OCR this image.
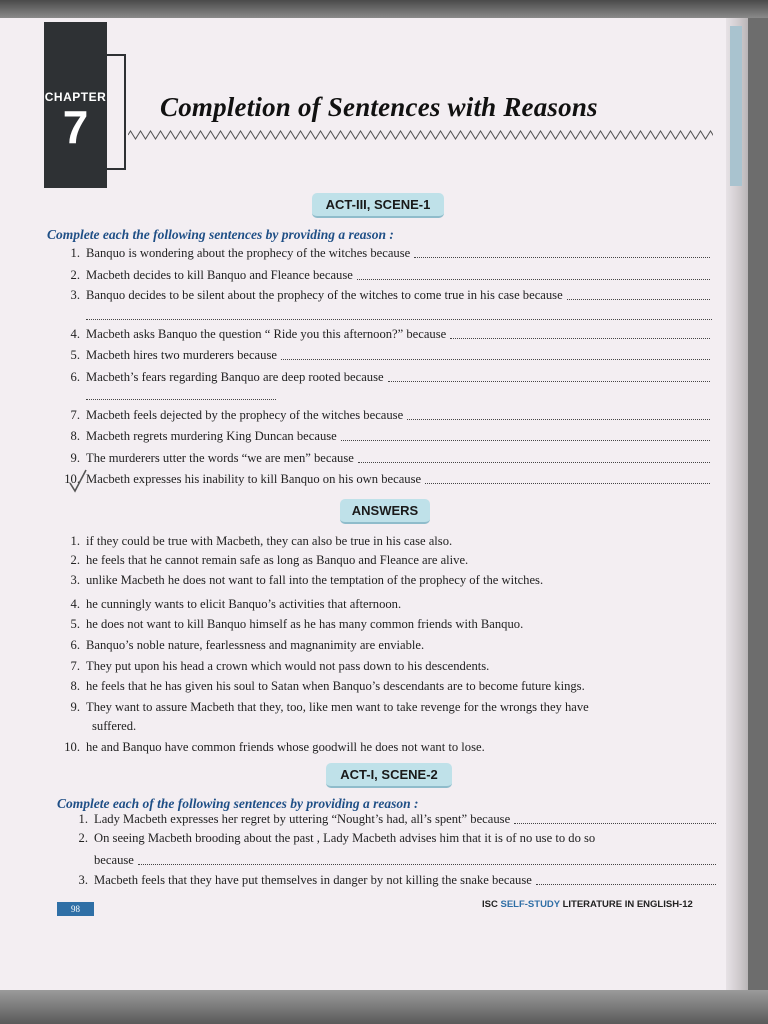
CHAPTER
7	Completion of Sentences with Reasons
ACT-III, SCENE-1
Complete each the following sentences by providing a reason :
1. Banquo is wondering about the prophecy of the witches because
2. Macbeth decides to kill Banquo and Fleance because
3. Banquo decides to be silent about the prophecy of the witches to come true in his case because
4. Macbeth asks Banquo the question “ Ride you this afternoon?” because
5. Macbeth hires two murderers because
6. Macbeth’s fears regarding Banquo are deep rooted because
7. Macbeth feels dejected by the prophecy of the witches because
8. Macbeth regrets murdering King Duncan because
9. The murderers utter the words “we are men” because
10. Macbeth expresses his inability to kill Banquo on his own because
ANSWERS
1. if they could be true with Macbeth, they can also be true in his case also.
2. he feels that he cannot remain safe as long as Banquo and Fleance are alive.
3. unlike Macbeth he does not want to fall into the temptation of the prophecy of the witches.
4. he cunningly wants to elicit Banquo’s activities that afternoon.
5. he does not want to kill Banquo himself as he has many common friends with Banquo.
6. Banquo’s noble nature, fearlessness and magnanimity are enviable.
7. They put upon his head a crown which would not pass down to his descendents.
8. he feels that he has given his soul to Satan when Banquo’s descendants are to become future kings.
9. They want to assure Macbeth that they, too, like men want to take revenge for the wrongs they have
suffered.
10. he and Banquo have common friends whose goodwill he does not want to lose.
ACT-I, SCENE-2
Complete each of the following sentences by providing a reason :
1. Lady Macbeth expresses her regret by uttering “Nought’s had, all’s spent” because
2. On seeing Macbeth brooding about the past , Lady Macbeth advises him that it is of no use to do so
because
3. Macbeth feels that they have put themselves in danger by not killing the snake because
98	ISC SELF-STUDY LITERATURE IN ENGLISH-12
